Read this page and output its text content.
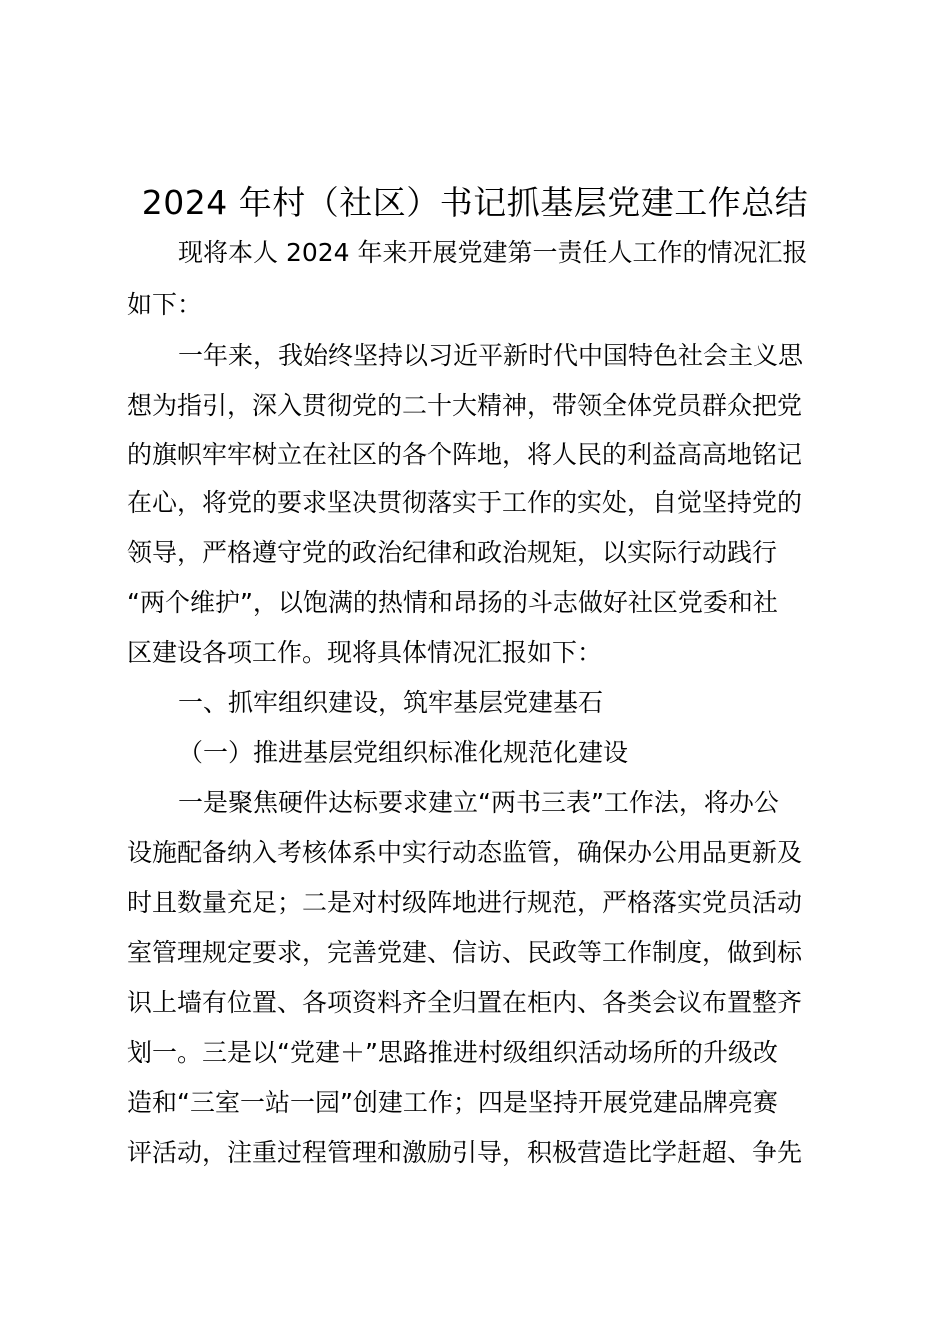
2024 年村（社区）书记抓基层党建工作总结
现将本人 2024 年来开展党建第一责任人工作的情况汇报
如下：
一年来，我始终坚持以习近平新时代中国特色社会主义思
想为指引，深入贯彻党的二十大精神，带领全体党员群众把党
的旗帜牢牢树立在社区的各个阵地，将人民的利益高高地铭记
在心，将党的要求坚决贯彻落实于工作的实处，自觉坚持党的
领导，严格遵守党的政治纪律和政治规矩，以实际行动践行
“两个维护”，以饱满的热情和昂扬的斗志做好社区党委和社
区建设各项工作。现将具体情况汇报如下：
一、抓牢组织建设，筑牢基层党建基石
（一）推进基层党组织标准化规范化建设
一是聚焦硬件达标要求建立“两书三表”工作法，将办公
设施配备纳入考核体系中实行动态监管，确保办公用品更新及
时且数量充足；二是对村级阵地进行规范，严格落实党员活动
室管理规定要求，完善党建、信访、民政等工作制度，做到标
识上墙有位置、各项资料齐全归置在柜内、各类会议布置整齐
划一。三是以“党建＋”思路推进村级组织活动场所的升级改
造和“三室一站一园”创建工作；四是坚持开展党建品牌亮赛
评活动，注重过程管理和激励引导，积极营造比学赶超、争先
